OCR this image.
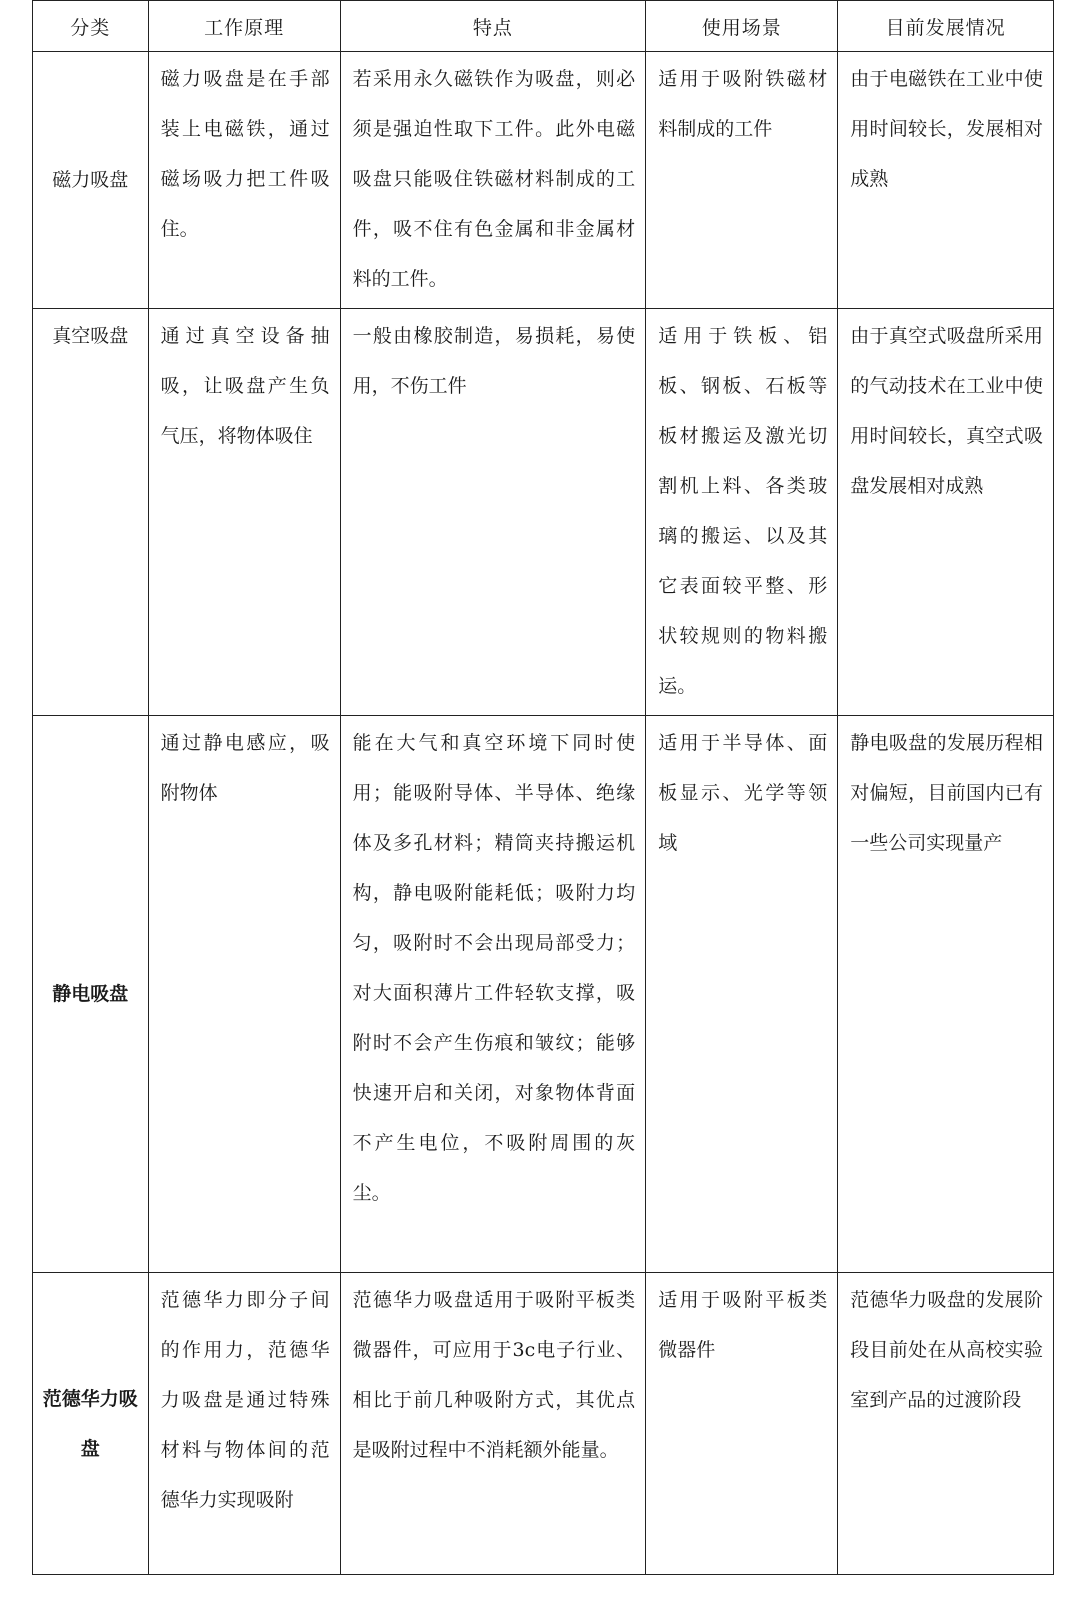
分类	工作原理	特点	使用场景	目前发展情况
磁力吸盘	磁力吸盘是在手部装上电磁铁，通过磁场吸力把工件吸住。	若采用永久磁铁作为吸盘，则必须是强迫性取下工件。此外电磁吸盘只能吸住铁磁材料制成的工件，吸不住有色金属和非金属材料的工件。	适用于吸附铁磁材料制成的工件	由于电磁铁在工业中使用时间较长，发展相对成熟
真空吸盘	通过真空设备抽吸，让吸盘产生负气压，将物体吸住	一般由橡胶制造，易损耗，易使用，不伤工件	适用于铁板、铝板、钢板、石板等板材搬运及激光切割机上料、各类玻璃的搬运、以及其它表面较平整、形状较规则的物料搬运。	由于真空式吸盘所采用的气动技术在工业中使用时间较长，真空式吸盘发展相对成熟
静电吸盘	通过静电感应，吸附物体	能在大气和真空环境下同时使用；能吸附导体、半导体、绝缘体及多孔材料；精筒夹持搬运机构，静电吸附能耗低；吸附力均匀，吸附时不会出现局部受力；对大面积薄片工件轻软支撑，吸附时不会产生伤痕和皱纹；能够快速开启和关闭，对象物体背面不产生电位，不吸附周围的灰尘。	适用于半导体、面板显示、光学等领域	静电吸盘的发展历程相对偏短，目前国内已有一些公司实现量产
范德华力吸盘	范德华力即分子间的作用力，范德华力吸盘是通过特殊材料与物体间的范德华力实现吸附	范德华力吸盘适用于吸附平板类微器件，可应用于3c电子行业、相比于前几种吸附方式，其优点是吸附过程中不消耗额外能量。	适用于吸附平板类微器件	范德华力吸盘的发展阶段目前处在从高校实验室到产品的过渡阶段
